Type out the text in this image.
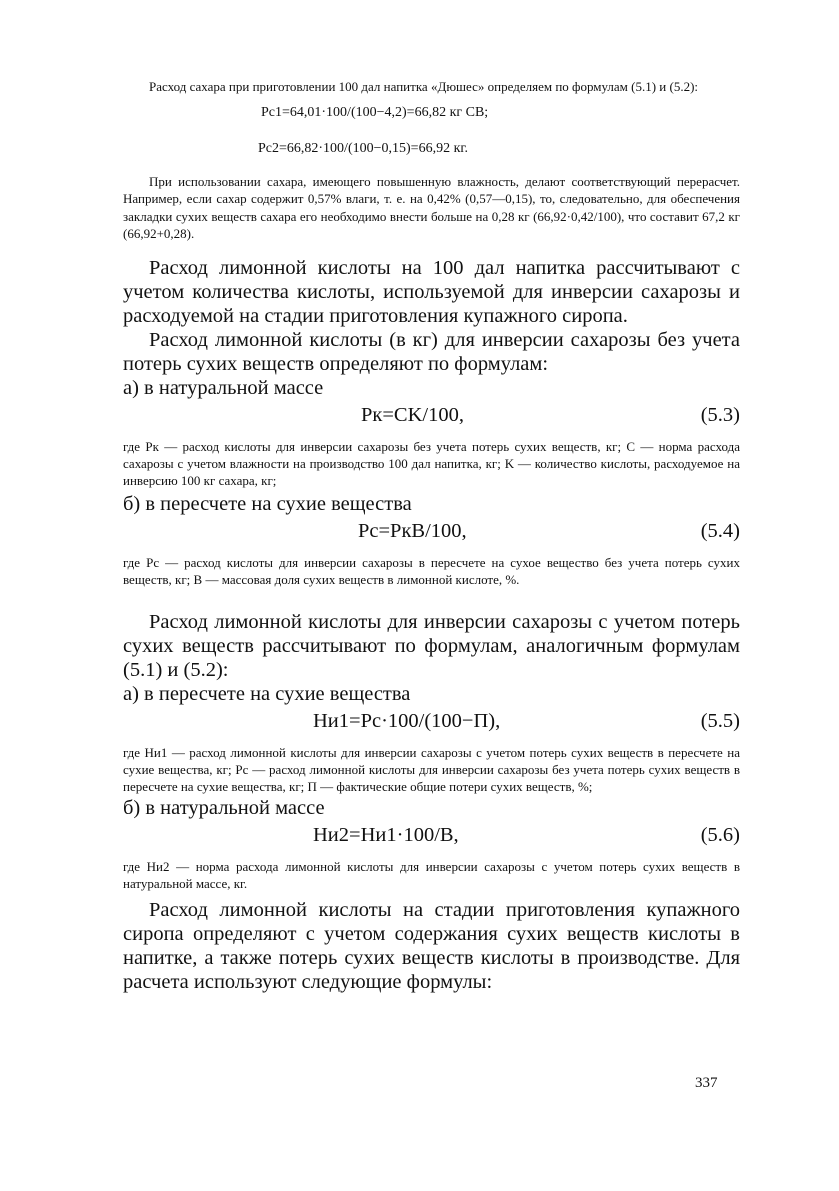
Расход сахара при приготовлении 100 дал напитка «Дюшес» определяем по формулам (5.1) и (5.2):

Pс1=64,01·100/(100−4,2)=66,82 кг СВ;
Pс2=66,82·100/(100−0,15)=66,92 кг.

При использовании сахара, имеющего повышенную влажность, делают соответствующий перерасчет. Например, если сахар содержит 0,57% влаги, т. е. на 0,42% (0,57—0,15), то, следовательно, для обеспечения закладки сухих веществ сахара его необходимо внести больше на 0,28 кг (66,92·0,42/100), что составит 67,2 кг (66,92+0,28).

Расход лимонной кислоты на 100 дал напитка рассчитывают с учетом количества кислоты, используемой для инверсии сахарозы и расходуемой на стадии приготовления купажного сиропа.

Расход лимонной кислоты (в кг) для инверсии сахарозы без учета потерь сухих веществ определяют по формулам:

а) в натуральной массе

Pк=CK/100,	(5.3)

где Pк — расход кислоты для инверсии сахарозы без учета потерь сухих веществ, кг; C — норма расхода сахарозы с учетом влажности на производство 100 дал напитка, кг; K — количество кислоты, расходуемое на инверсию 100 кг сахара, кг;

б) в пересчете на сухие вещества

Pс=PкB/100,	(5.4)

где Pс — расход кислоты для инверсии сахарозы в пересчете на сухое вещество без учета потерь сухих веществ, кг; B — массовая доля сухих веществ в лимонной кислоте, %.

Расход лимонной кислоты для инверсии сахарозы с учетом потерь сухих веществ рассчитывают по формулам, аналогичным формулам (5.1) и (5.2):

а) в пересчете на сухие вещества

Hи1=Pс·100/(100−П),	(5.5)

где Hи1 — расход лимонной кислоты для инверсии сахарозы с учетом потерь сухих веществ в пересчете на сухие вещества, кг; Pс — расход лимонной кислоты для инверсии сахарозы без учета потерь сухих веществ в пересчете на сухие вещества, кг; П — фактические общие потери сухих веществ, %;

б) в натуральной массе

Hи2=Hи1·100/B,	(5.6)

где Hи2 — норма расхода лимонной кислоты для инверсии сахарозы с учетом потерь сухих веществ в натуральной массе, кг.

Расход лимонной кислоты на стадии приготовления купажного сиропа определяют с учетом содержания сухих веществ кислоты в напитке, а также потерь сухих веществ кислоты в производстве. Для расчета используют следующие формулы:

337
